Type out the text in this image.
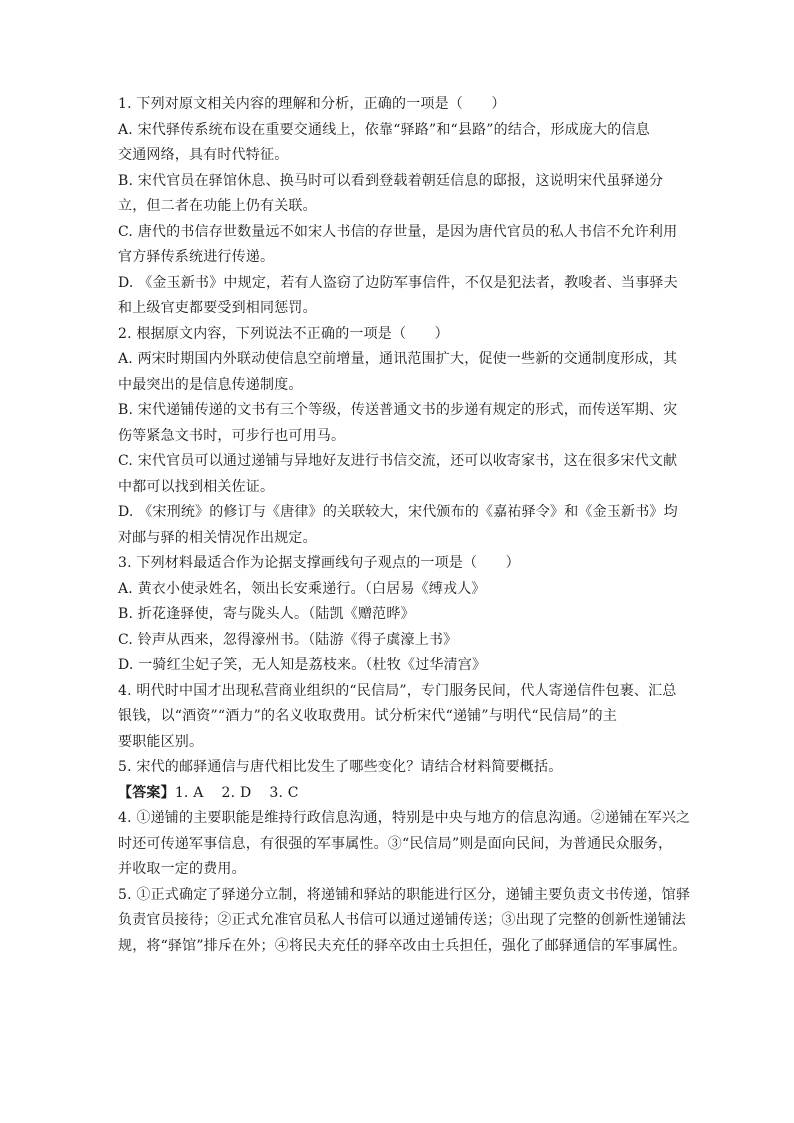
1. 下列对原文相关内容的理解和分析，正确的一项是（　　）
A. 宋代驿传系统布设在重要交通线上，依靠“驿路”和“县路”的结合，形成庞大的信息
交通网络，具有时代特征。
B. 宋代官员在驿馆休息、换马时可以看到登载着朝廷信息的邸报，这说明宋代虽驿递分
立，但二者在功能上仍有关联。
C. 唐代的书信存世数量远不如宋人书信的存世量，是因为唐代官员的私人书信不允许利用
官方驿传系统进行传递。
D. 《金玉新书》中规定，若有人盗窃了边防军事信件，不仅是犯法者，教唆者、当事驿夫
和上级官吏都要受到相同惩罚。
2. 根据原文内容，下列说法不正确的一项是（　　）
A. 两宋时期国内外联动使信息空前增量，通讯范围扩大，促使一些新的交通制度形成，其
中最突出的是信息传递制度。
B. 宋代递铺传递的文书有三个等级，传送普通文书的步递有规定的形式，而传送军期、灾
伤等紧急文书时，可步行也可用马。
C. 宋代官员可以通过递铺与异地好友进行书信交流，还可以收寄家书，这在很多宋代文献
中都可以找到相关佐证。
D. 《宋刑统》的修订与《唐律》的关联较大，宋代颁布的《嘉祐驿令》和《金玉新书》均
对邮与驿的相关情况作出规定。
3. 下列材料最适合作为论据支撑画线句子观点的一项是（　　）
A. 黄衣小使录姓名，领出长安乘递行。（白居易《缚戎人》
B. 折花逢驿使，寄与陇头人。（陆凯《赠范晔》
C. 铃声从西来，忽得濠州书。（陆游《得子虡濠上书》
D. 一骑红尘妃子笑，无人知是荔枝来。（杜牧《过华清宫》
4. 明代时中国才出现私营商业组织的“民信局”，专门服务民间，代人寄递信件包裹、汇总
银钱，以“酒资”“酒力”的名义收取费用。试分析宋代“递铺”与明代“民信局”的主
要职能区别。
5. 宋代的邮驿通信与唐代相比发生了哪些变化？请结合材料简要概括。
【答案】1. A 2. D 3. C
4. ①递铺的主要职能是维持行政信息沟通，特别是中央与地方的信息沟通。②递铺在军兴之
时还可传递军事信息，有很强的军事属性。③“民信局”则是面向民间，为普通民众服务，
并收取一定的费用。
5. ①正式确定了驿递分立制，将递铺和驿站的职能进行区分，递铺主要负责文书传递，馆驿
负责官员接待；②正式允准官员私人书信可以通过递铺传送；③出现了完整的创新性递铺法
规，将“驿馆”排斥在外；④将民夫充任的驿卒改由士兵担任，强化了邮驿通信的军事属性。
